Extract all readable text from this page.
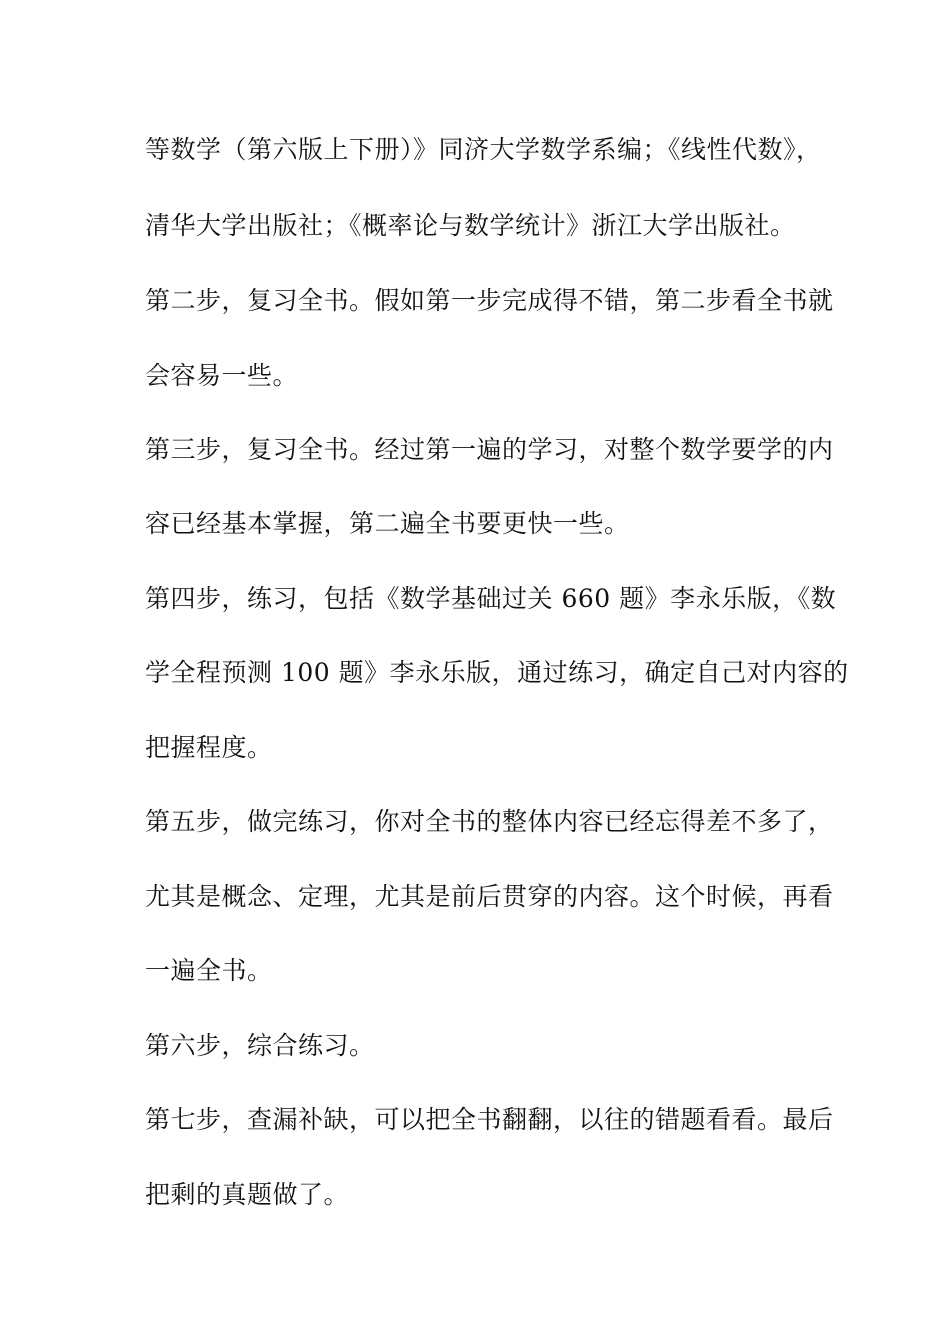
等数学（第六版上下册）》同济大学数学系编；《线性代数》，
清华大学出版社；《概率论与数学统计》浙江大学出版社。
第二步，复习全书。假如第一步完成得不错，第二步看全书就
会容易一些。
第三步，复习全书。经过第一遍的学习，对整个数学要学的内
容已经基本掌握，第二遍全书要更快一些。
第四步，练习，包括《数学基础过关 660 题》李永乐版，《数
学全程预测 100 题》李永乐版，通过练习，确定自己对内容的
把握程度。
第五步，做完练习，你对全书的整体内容已经忘得差不多了，
尤其是概念、定理，尤其是前后贯穿的内容。这个时候，再看
一遍全书。
第六步，综合练习。
第七步，查漏补缺，可以把全书翻翻，以往的错题看看。最后
把剩的真题做了。
